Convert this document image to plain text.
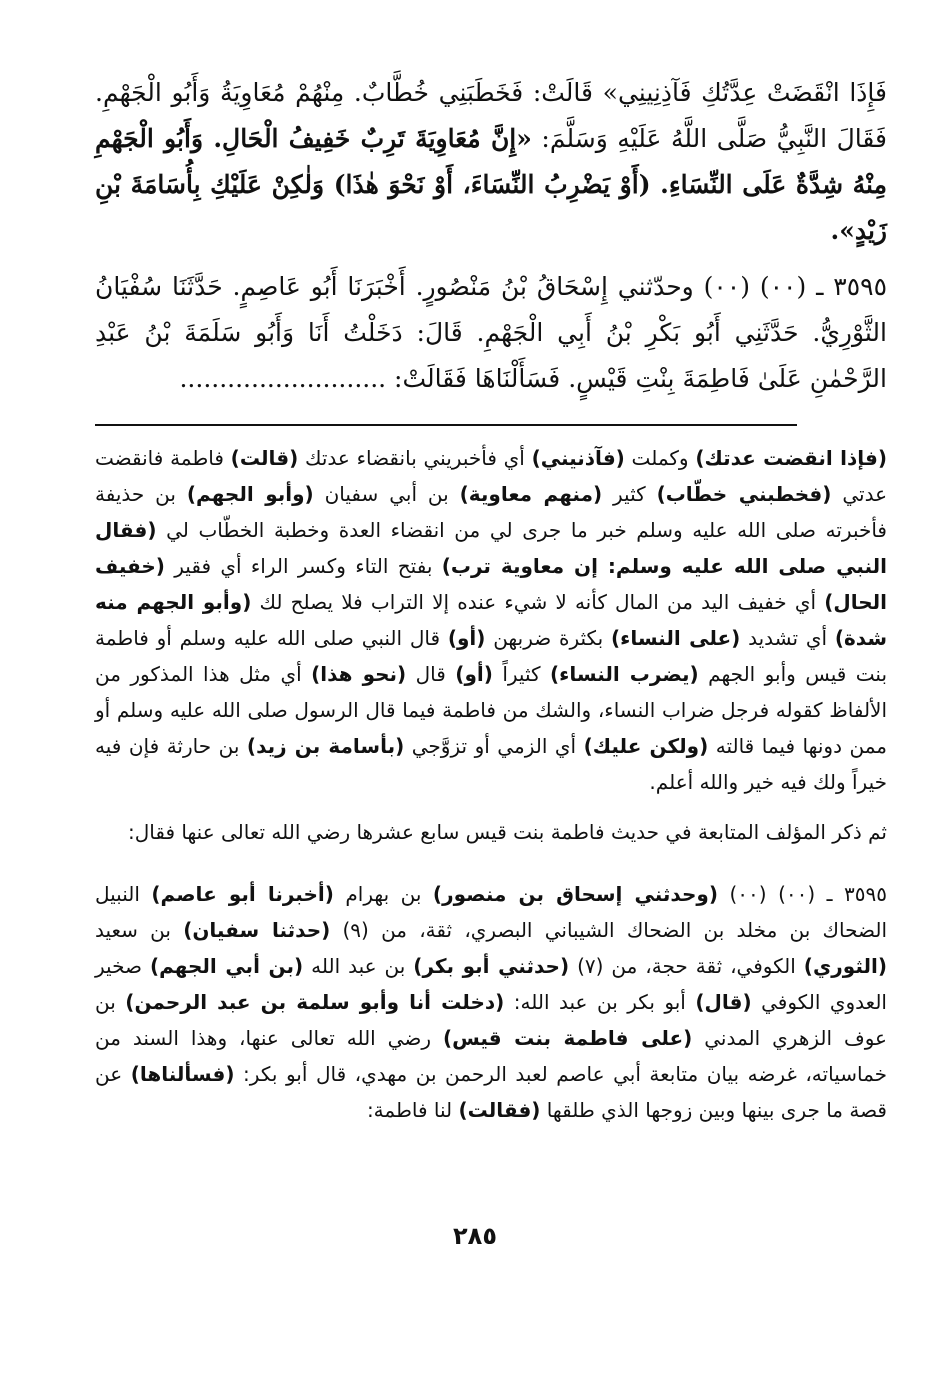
فَإِذَا انْقَضَتْ عِدَّتُكِ فَآذِنِينِي» قَالَتْ: فَخَطَبَنِي خُطَّابٌ. مِنْهُمْ مُعَاوِيَةُ وَأَبُو الْجَهْمِ. فَقَالَ النَّبِيُّ صَلَّى اللَّهُ عَلَيْهِ وَسَلَّمَ: «إِنَّ مُعَاوِيَةَ تَرِبٌ خَفِيفُ الْحَالِ. وَأَبُو الْجَهْمِ مِنْهُ شِدَّةٌ عَلَى النِّسَاءِ. (أَوْ يَضْرِبُ النِّسَاءَ، أَوْ نَحْوَ هٰذَا) وَلٰكِنْ عَلَيْكِ بِأُسَامَةَ بْنِ زَيْدٍ».

٣٥٩٥ ـ (٠٠) (٠٠) وحدّثني إِسْحَاقُ بْنُ مَنْصُورٍ. أَخْبَرَنَا أَبُو عَاصِمٍ. حَدَّثَنَا سُفْيَانُ الثَّوْرِيُّ. حَدَّثَنِي أَبُو بَكْرِ بْنُ أَبِي الْجَهْمِ. قَالَ: دَخَلْتُ أَنَا وَأَبُو سَلَمَةَ بْنُ عَبْدِ الرَّحْمٰنِ عَلَىٰ فَاطِمَةَ بِنْتِ قَيْسٍ. فَسَأَلْنَاهَا فَقَالَتْ: ..........................

(فإذا انقضت عدتك) وكملت (فآذنيني) أي فأخبريني بانقضاء عدتك (قالت) فاطمة فانقضت عدتي (فخطبني خطّاب) كثير (منهم معاوية) بن أبي سفيان (وأبو الجهم) بن حذيفة فأخبرته صلى الله عليه وسلم خبر ما جرى لي من انقضاء العدة وخطبة الخطّاب لي (فقال النبي صلى الله عليه وسلم: إن معاوية ترب) بفتح التاء وكسر الراء أي فقير (خفيف الحال) أي خفيف اليد من المال كأنه لا شيء عنده إلا التراب فلا يصلح لك (وأبو الجهم منه شدة) أي تشديد (على النساء) بكثرة ضربهن (أو) قال النبي صلى الله عليه وسلم أو فاطمة بنت قيس وأبو الجهم (يضرب النساء) كثيراً (أو) قال (نحو هذا) أي مثل هذا المذكور من الألفاظ كقوله فرجل ضراب النساء، والشك من فاطمة فيما قال الرسول صلى الله عليه وسلم أو ممن دونها فيما قالته (ولكن عليك) أي الزمي أو تزوَّجي (بأسامة بن زيد) بن حارثة فإن فيه خيراً ولك فيه خير والله أعلم.

ثم ذكر المؤلف المتابعة في حديث فاطمة بنت قيس سابع عشرها رضي الله تعالى عنها فقال:

٣٥٩٥ ـ (٠٠) (٠٠) (وحدثني إسحاق بن منصور) بن بهرام (أخبرنا أبو عاصم) النبيل الضحاك بن مخلد بن الضحاك الشيباني البصري، ثقة، من (٩) (حدثنا سفيان) بن سعيد (الثوري) الكوفي، ثقة حجة، من (٧) (حدثني أبو بكر) بن عبد الله (بن أبي الجهم) صخير العدوي الكوفي (قال) أبو بكر بن عبد الله: (دخلت أنا وأبو سلمة بن عبد الرحمن) بن عوف الزهري المدني (على فاطمة بنت قيس) رضي الله تعالى عنها، وهذا السند من خماسياته، غرضه بيان متابعة أبي عاصم لعبد الرحمن بن مهدي، قال أبو بكر: (فسألناها) عن قصة ما جرى بينها وبين زوجها الذي طلقها (فقالت) لنا فاطمة:

٢٨٥
